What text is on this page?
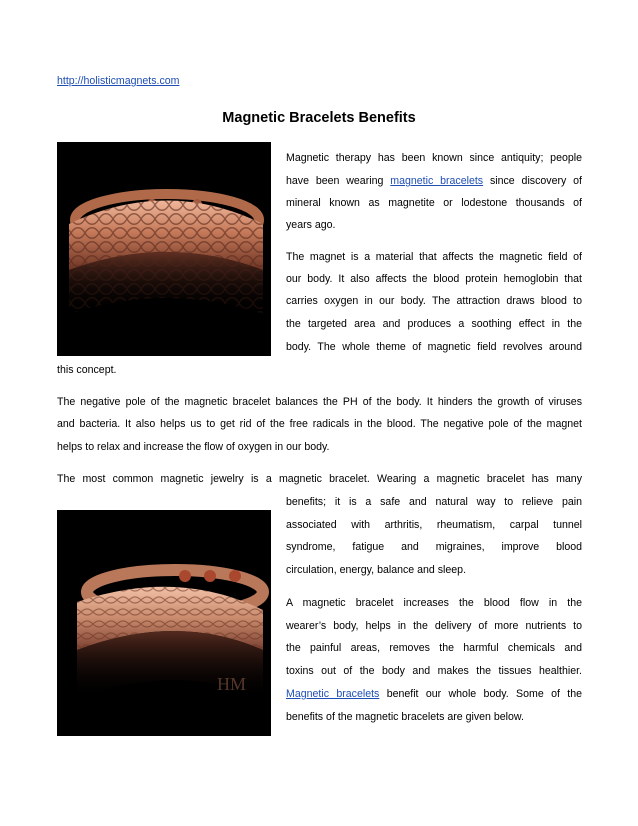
http://holisticmagnets.com
Magnetic Bracelets Benefits
Magnetic therapy has been known since antiquity; people
have been wearing magnetic bracelets since discovery of
mineral known as magnetite or lodestone thousands of
years ago.
The magnet is a material that affects the magnetic field of
our body. It also affects the blood protein hemoglobin that
carries oxygen in our body. The attraction draws blood to
the targeted area and produces a soothing effect in the
body. The whole theme of magnetic field revolves around
this concept.
The negative pole of the magnetic bracelet balances the PH of the body. It hinders the growth of viruses
and bacteria. It also helps us to get rid of the free radicals in the blood. The negative pole of the magnet
helps to relax and increase the flow of oxygen in our body.
The most common magnetic jewelry is a magnetic bracelet. Wearing a magnetic bracelet has many
benefits; it is a safe and natural way to relieve pain
associated with arthritis, rheumatism, carpal tunnel
syndrome, fatigue and migraines, improve blood
circulation, energy, balance and sleep.
HM
A magnetic bracelet increases the blood flow in the
wearer’s body, helps in the delivery of more nutrients to
the painful areas, removes the harmful chemicals and
toxins out of the body and makes the tissues healthier.
Magnetic bracelets benefit our whole body. Some of the
benefits of the magnetic bracelets are given below.
